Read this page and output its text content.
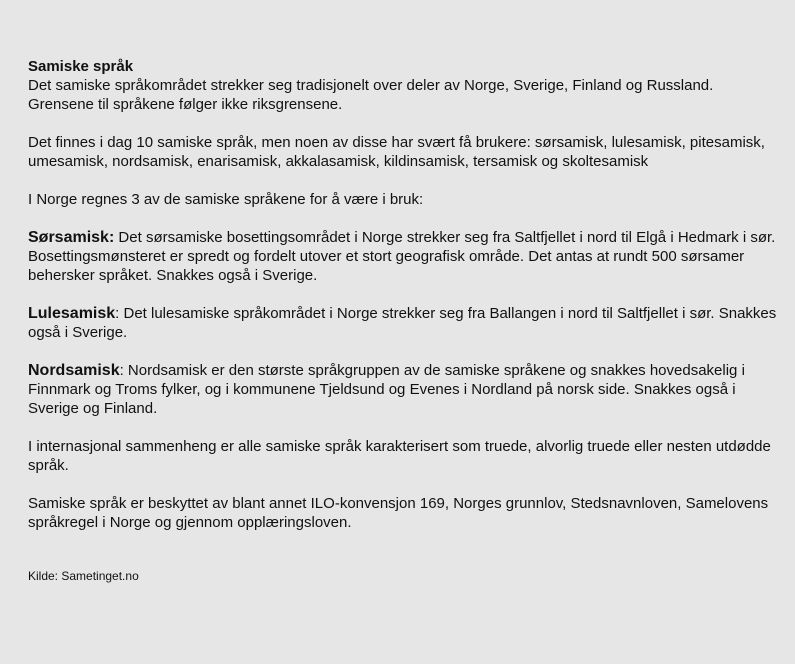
Samiske språk
Det samiske språkområdet strekker seg tradisjonelt over deler av Norge, Sverige, Finland og Russland. Grensene til språkene følger ikke riksgrensene.
Det finnes i dag 10 samiske språk, men noen av disse har svært få brukere: sørsamisk, lulesamisk, pitesamisk, umesamisk, nordsamisk, enarisamisk, akkalasamisk, kildinsamisk, tersamisk og skoltesamisk
I Norge regnes 3 av de samiske språkene for å være i bruk:
Sørsamisk: Det sørsamiske bosettingsområdet i Norge strekker seg fra Saltfjellet i nord til Elgå i Hedmark i sør. Bosettingsmønsteret er spredt og fordelt utover et stort geografisk område. Det antas at rundt 500 sørsamer behersker språket. Snakkes også i Sverige.
Lulesamisk: Det lulesamiske språkområdet i Norge strekker seg fra Ballangen i nord til Saltfjellet i sør. Snakkes også i Sverige.
Nordsamisk: Nordsamisk er den største språkgruppen av de samiske språkene og snakkes hovedsakelig i Finnmark og Troms fylker, og i kommunene Tjeldsund og Evenes i Nordland på norsk side. Snakkes også i Sverige og Finland.
I internasjonal sammenheng er alle samiske språk karakterisert som truede, alvorlig truede eller nesten utdødde språk.
Samiske språk er beskyttet av blant annet ILO-konvensjon 169, Norges grunnlov, Stedsnavnloven, Samelovens språkregel i Norge og gjennom opplæringsloven.
Kilde: Sametinget.no
